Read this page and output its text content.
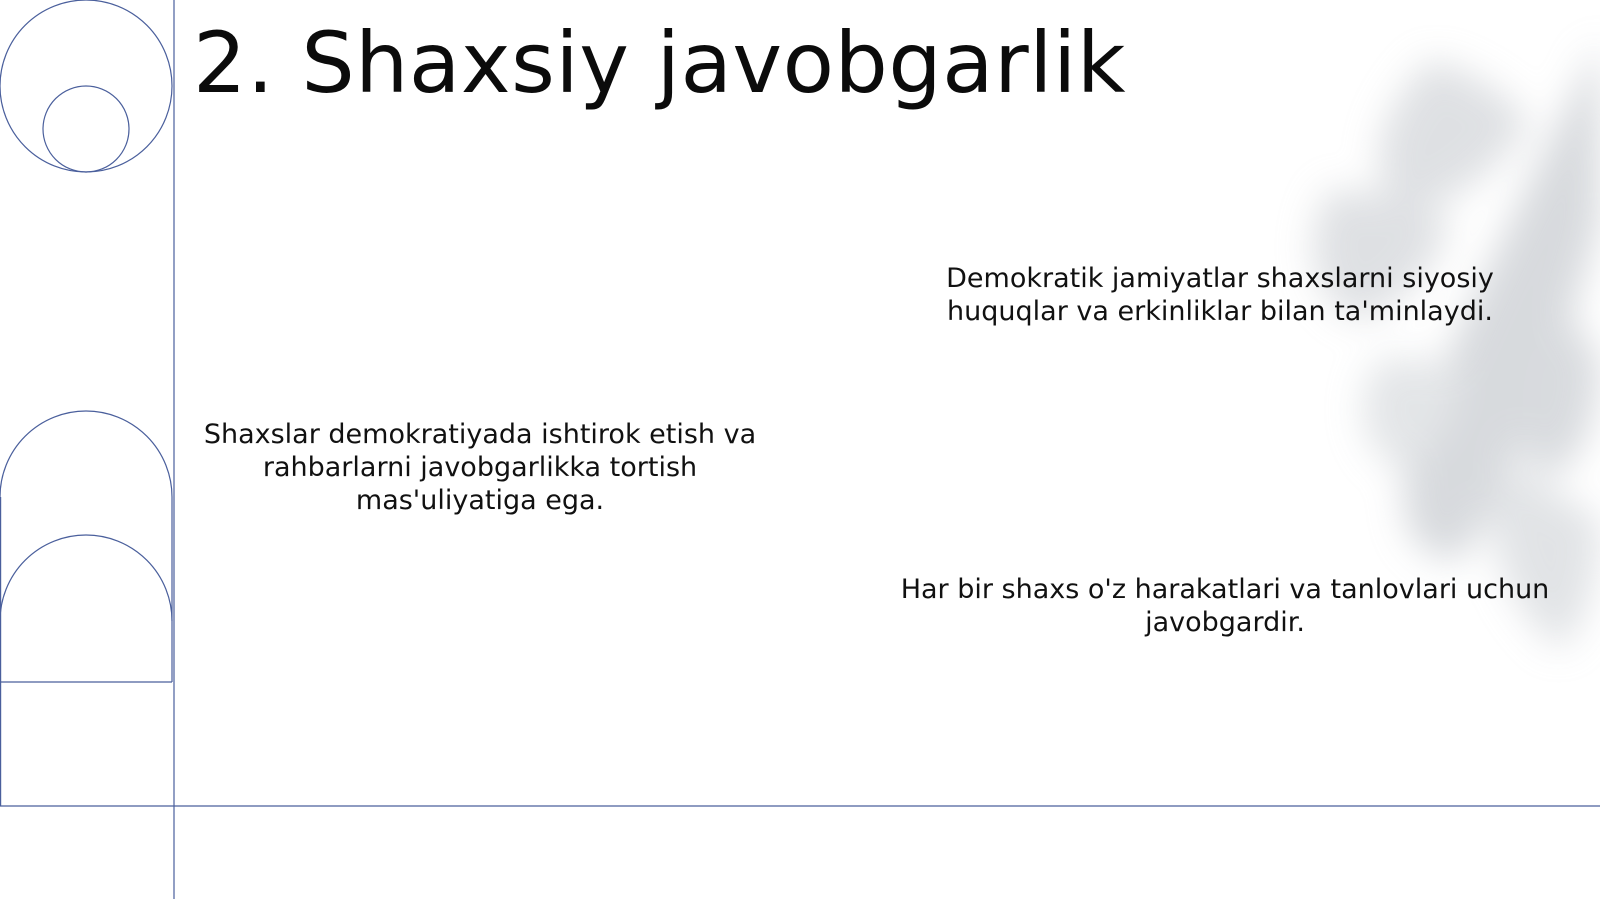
2. Shaxsiy javobgarlik
Demokratik jamiyatlar shaxslarni siyosiy huquqlar va erkinliklar bilan ta'minlaydi.
Shaxslar demokratiyada ishtirok etish va rahbarlarni javobgarlikka tortish mas'uliyatiga ega.
Har bir shaxs o'z harakatlari va tanlovlari uchun javobgardir.
